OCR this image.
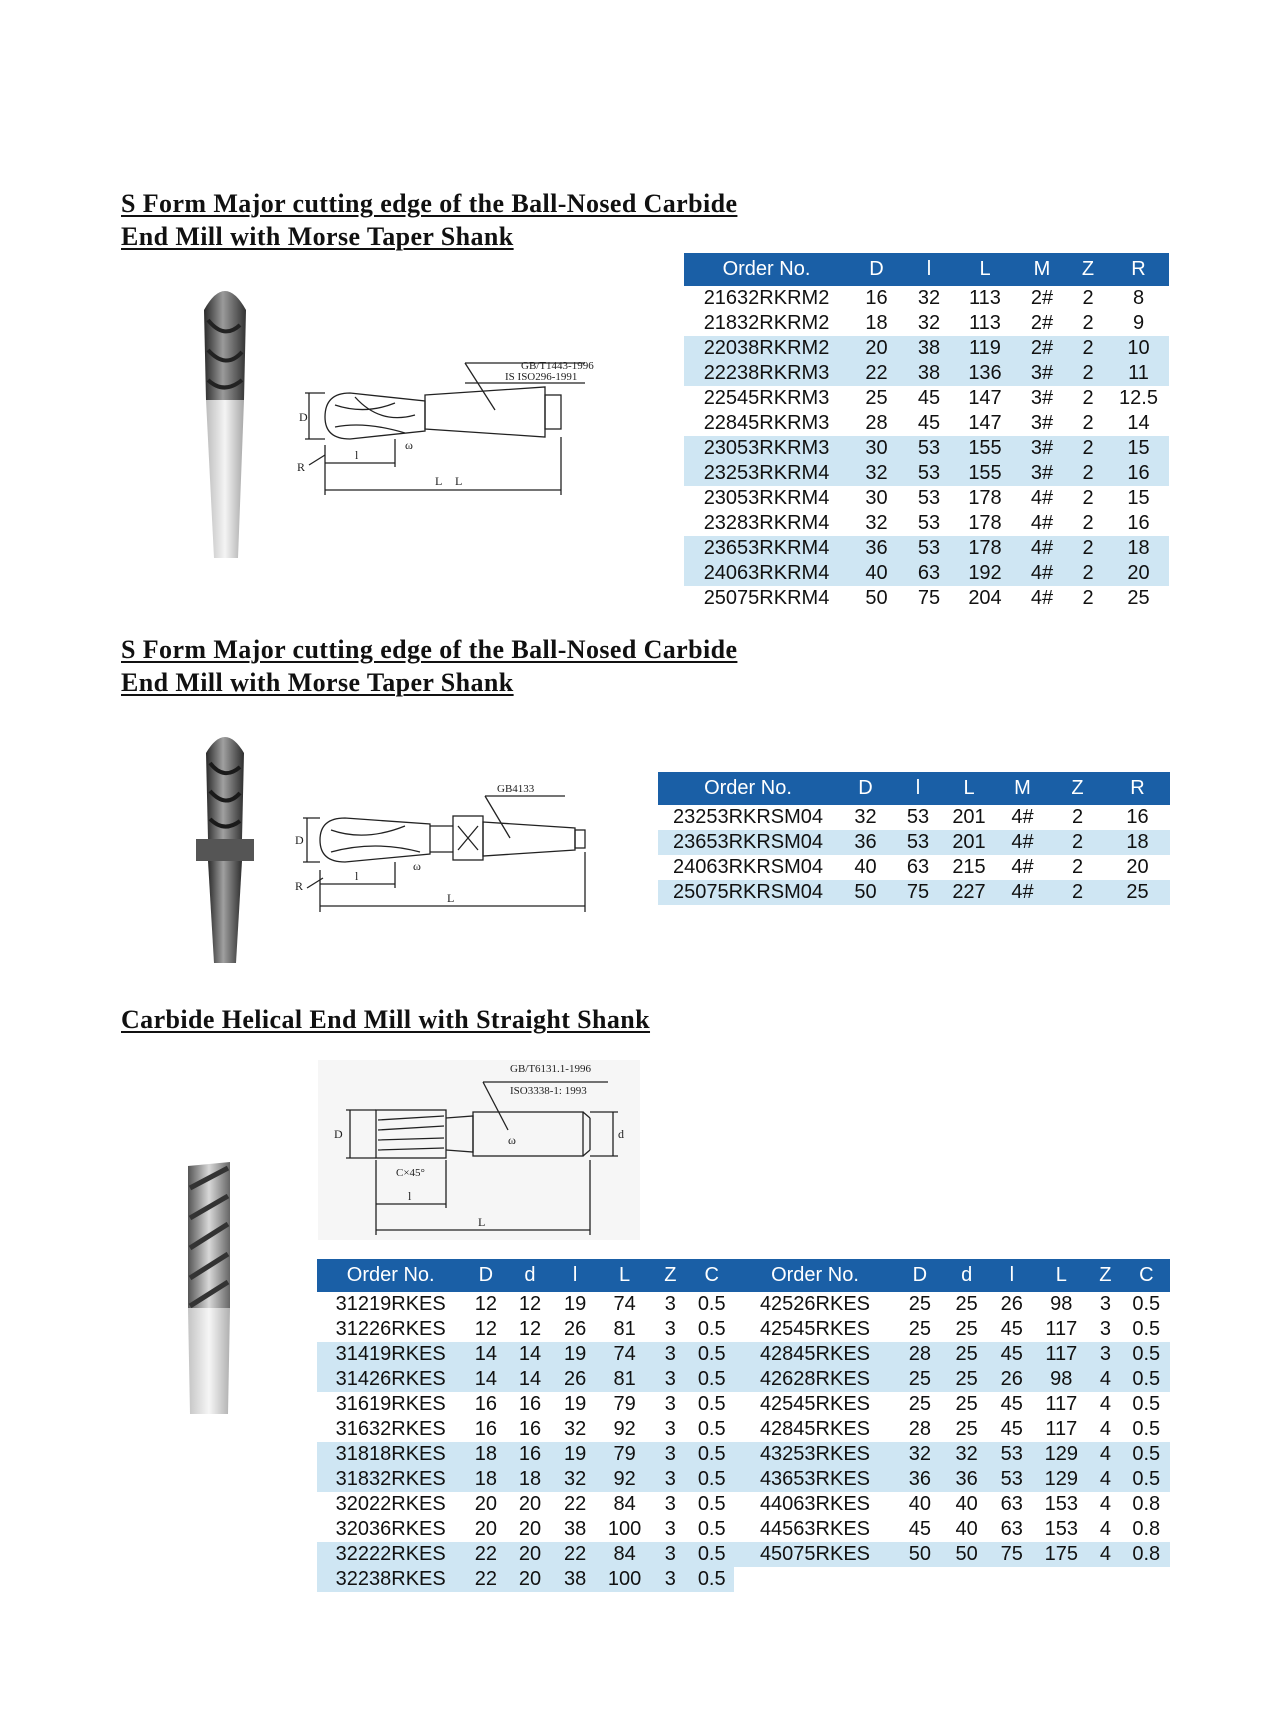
S Form Major cutting edge of the Ball-Nosed Carbide
End Mill with Morse Taper Shank
D
R
l
L L
ω
GB/T1443-1996
IS ISO296-1991
Order No.	D	l	L	M	Z	R
21632RKRM2	16	32	113	2#	2	8
21832RKRM2	18	32	113	2#	2	9
22038RKRM2	20	38	119	2#	2	10
22238RKRM3	22	38	136	3#	2	11
22545RKRM3	25	45	147	3#	2	12.5
22845RKRM3	28	45	147	3#	2	14
23053RKRM3	30	53	155	3#	2	15
23253RKRM4	32	53	155	3#	2	16
23053RKRM4	30	53	178	4#	2	15
23283RKRM4	32	53	178	4#	2	16
23653RKRM4	36	53	178	4#	2	18
24063RKRM4	40	63	192	4#	2	20
25075RKRM4	50	75	204	4#	2	25
S Form Major cutting edge of the Ball-Nosed Carbide
End Mill with Morse Taper Shank
D
R
l
L
ω
GB4133	Order No.	D	l	L	M	Z	R
23253RKRSM04	32	53	201	4#	2	16
23653RKRSM04	36	53	201	4#	2	18
24063RKRSM04	40	63	215	4#	2	20
25075RKRSM04	50	75	227	4#	2	25
Carbide Helical End Mill with Straight Shank
D	d
l
L
C×45°
ω
GB/T6131.1-1996
ISO3338-1: 1993
Order No.	D	d	l	L	Z	C	Order No.	D	d	l	L	Z	C
31219RKES	12	12	19	74	3	0.5	42526RKES	25	25	26	98	3	0.5
31226RKES	12	12	26	81	3	0.5	42545RKES	25	25	45	117	3	0.5
31419RKES	14	14	19	74	3	0.5	42845RKES	28	25	45	117	3	0.5
31426RKES	14	14	26	81	3	0.5	42628RKES	25	25	26	98	4	0.5
31619RKES	16	16	19	79	3	0.5	42545RKES	25	25	45	117	4	0.5
31632RKES	16	16	32	92	3	0.5	42845RKES	28	25	45	117	4	0.5
31818RKES	18	16	19	79	3	0.5	43253RKES	32	32	53	129	4	0.5
31832RKES	18	18	32	92	3	0.5	43653RKES	36	36	53	129	4	0.5
32022RKES	20	20	22	84	3	0.5	44063RKES	40	40	63	153	4	0.8
32036RKES	20	20	38	100	3	0.5	44563RKES	45	40	63	153	4	0.8
32222RKES	22	20	22	84	3	0.5	45075RKES	50	50	75	175	4	0.8
32238RKES	22	20	38	100	3	0.5							
